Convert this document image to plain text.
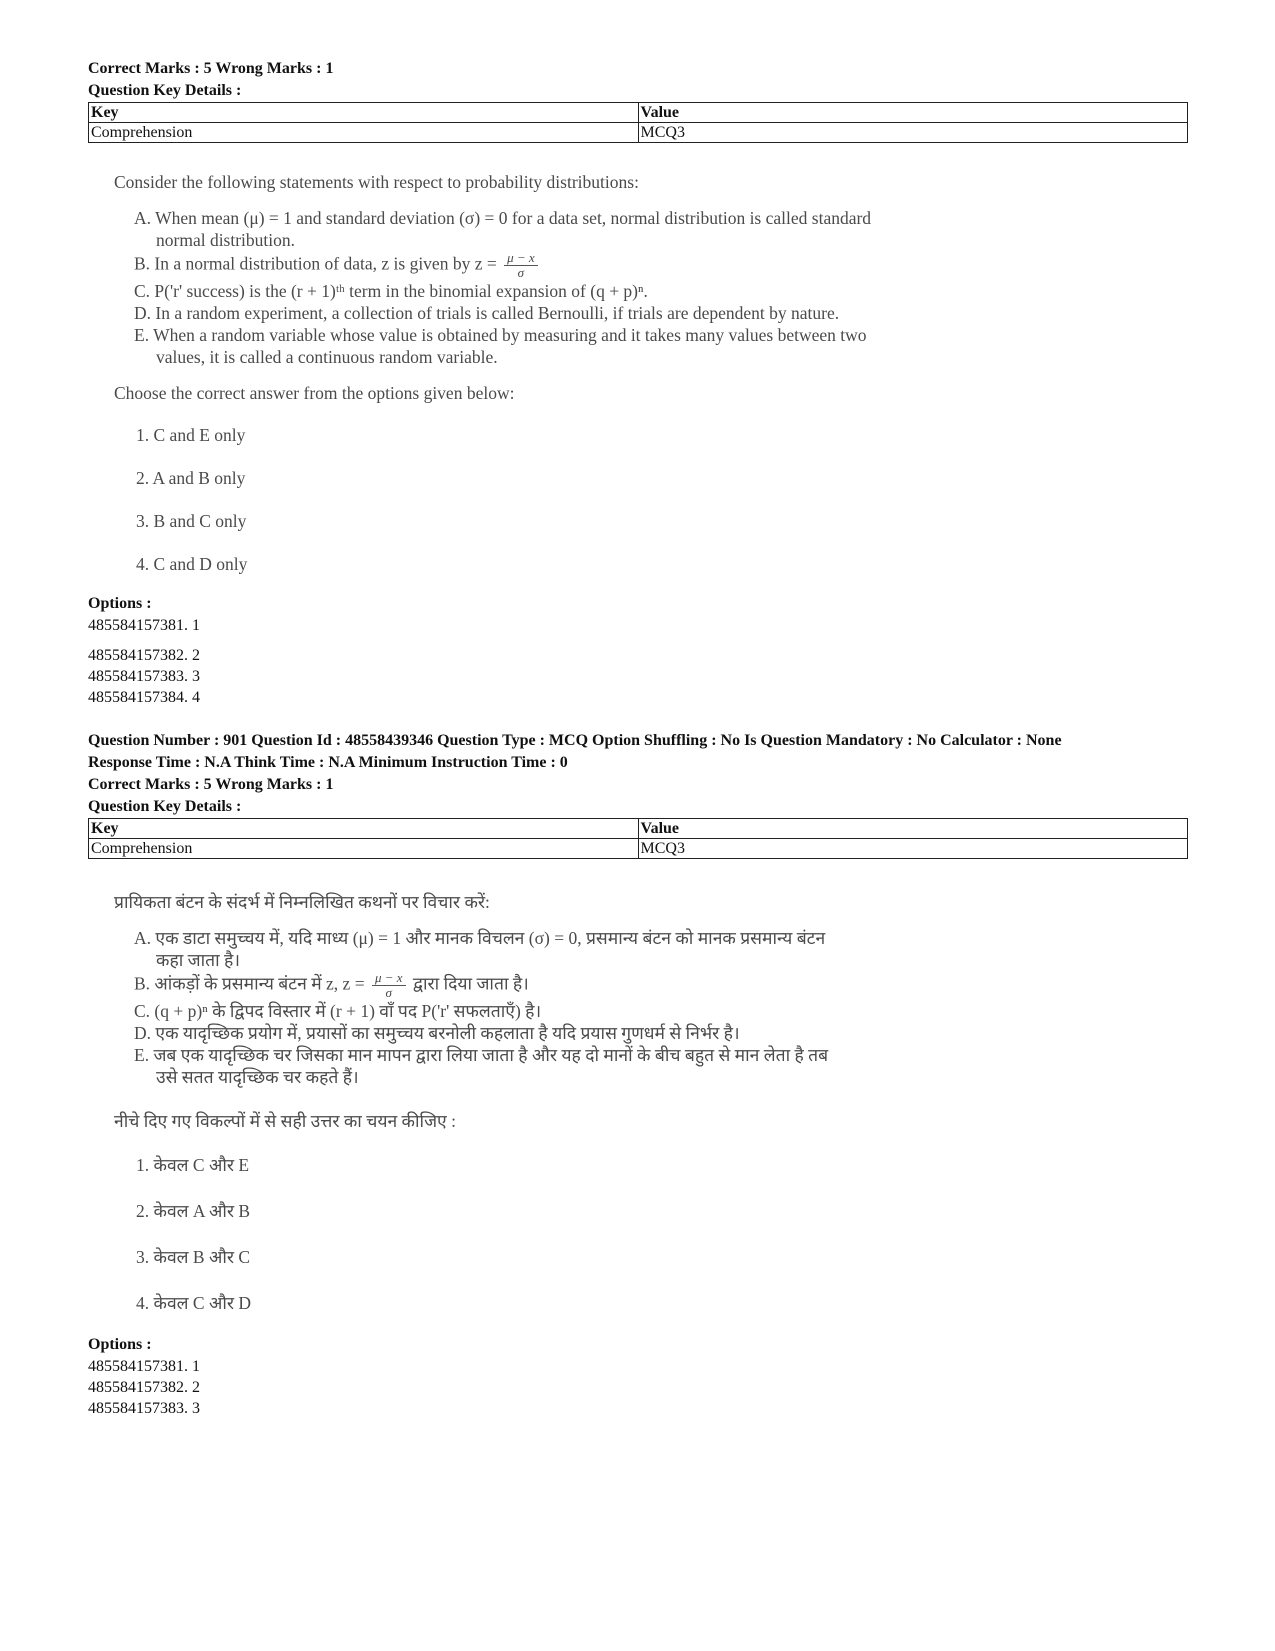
Correct Marks : 5 Wrong Marks : 1
Question Key Details :
Key	Value
Comprehension	MCQ3
Consider the following statements with respect to probability distributions:
A. When mean (μ) = 1 and standard deviation (σ) = 0 for a data set, normal distribution is called standard
normal distribution.
B. In a normal distribution of data, z is given by $z = \frac{\mu - x}{\sigma}$
C. P('r' success) is the (r + 1)ᵗʰ term in the binomial expansion of (q + p)ⁿ.
D. In a random experiment, a collection of trials is called Bernoulli, if trials are dependent by nature.
E. When a random variable whose value is obtained by measuring and it takes many values between two
values, it is called a continuous random variable.
Choose the correct answer from the options given below:
1. C and E only
2. A and B only
3. B and C only
4. C and D only
Options :
485584157381. 1
485584157382. 2
485584157383. 3
485584157384. 4
Question Number : 901 Question Id : 48558439346 Question Type : MCQ Option Shuffling : No Is Question Mandatory : No Calculator : None
Response Time : N.A Think Time : N.A Minimum Instruction Time : 0
Correct Marks : 5 Wrong Marks : 1
Question Key Details :
Key	Value
Comprehension	MCQ3
प्रायिकता बंटन के संदर्भ में निम्नलिखित कथनों पर विचार करें:
A. एक डाटा समुच्चय में, यदि माध्य (μ) = 1 और मानक विचलन (σ) = 0, प्रसमान्य बंटन को मानक प्रसमान्य बंटन
कहा जाता है।
B. आंकड़ों के प्रसमान्य बंटन में z, $z = \frac{\mu - x}{\sigma}$ द्वारा दिया जाता है।
C. (q + p)ⁿ के द्विपद विस्तार में (r + 1) वाँ पद P('r' सफलताएँ) है।
D. एक यादृच्छिक प्रयोग में, प्रयासों का समुच्चय बरनोली कहलाता है यदि प्रयास गुणधर्म से निर्भर है।
E. जब एक यादृच्छिक चर जिसका मान मापन द्वारा लिया जाता है और यह दो मानों के बीच बहुत से मान लेता है तब
उसे सतत यादृच्छिक चर कहते हैं।
नीचे दिए गए विकल्पों में से सही उत्तर का चयन कीजिए :
1. केवल C और E
2. केवल A और B
3. केवल B और C
4. केवल C और D
Options :
485584157381. 1
485584157382. 2
485584157383. 3
